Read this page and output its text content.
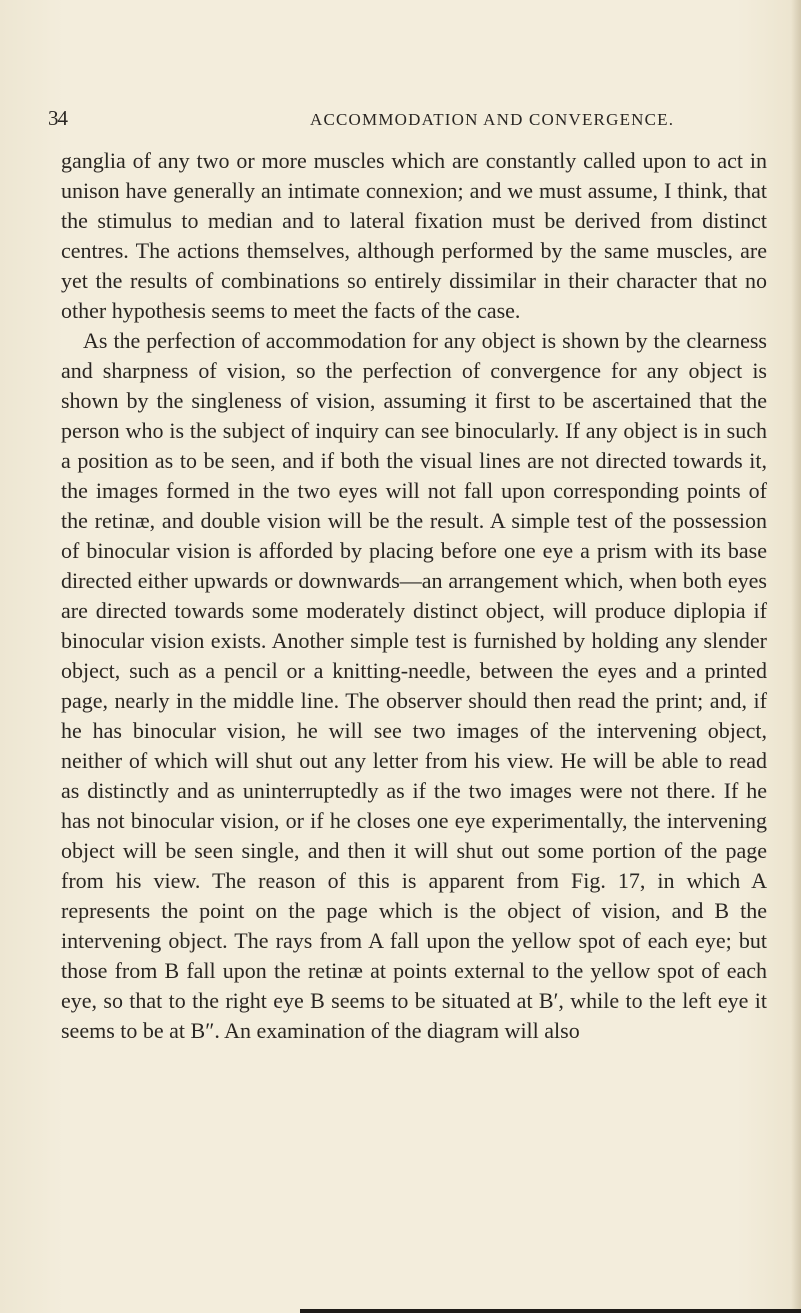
34	ACCOMMODATION AND CONVERGENCE.

ganglia of any two or more muscles which are constantly called upon to act in unison have generally an intimate connexion; and we must assume, I think, that the stimulus to median and to lateral fixation must be derived from distinct centres. The actions themselves, although performed by the same muscles, are yet the results of combinations so entirely dissimilar in their character that no other hypothesis seems to meet the facts of the case.

As the perfection of accommodation for any object is shown by the clearness and sharpness of vision, so the perfection of convergence for any object is shown by the singleness of vision, assuming it first to be ascertained that the person who is the subject of inquiry can see binocularly. If any object is in such a position as to be seen, and if both the visual lines are not directed towards it, the images formed in the two eyes will not fall upon corresponding points of the retinæ, and double vision will be the result. A simple test of the possession of binocular vision is afforded by placing before one eye a prism with its base directed either upwards or downwards—an arrangement which, when both eyes are directed towards some moderately distinct object, will produce diplopia if binocular vision exists. Another simple test is furnished by holding any slender object, such as a pencil or a knitting-needle, between the eyes and a printed page, nearly in the middle line. The observer should then read the print; and, if he has binocular vision, he will see two images of the intervening object, neither of which will shut out any letter from his view. He will be able to read as distinctly and as uninterruptedly as if the two images were not there. If he has not binocular vision, or if he closes one eye experimentally, the intervening object will be seen single, and then it will shut out some portion of the page from his view. The reason of this is apparent from Fig. 17, in which A represents the point on the page which is the object of vision, and B the intervening object. The rays from A fall upon the yellow spot of each eye; but those from B fall upon the retinæ at points external to the yellow spot of each eye, so that to the right eye B seems to be situated at B′, while to the left eye it seems to be at B″. An examination of the diagram will also
